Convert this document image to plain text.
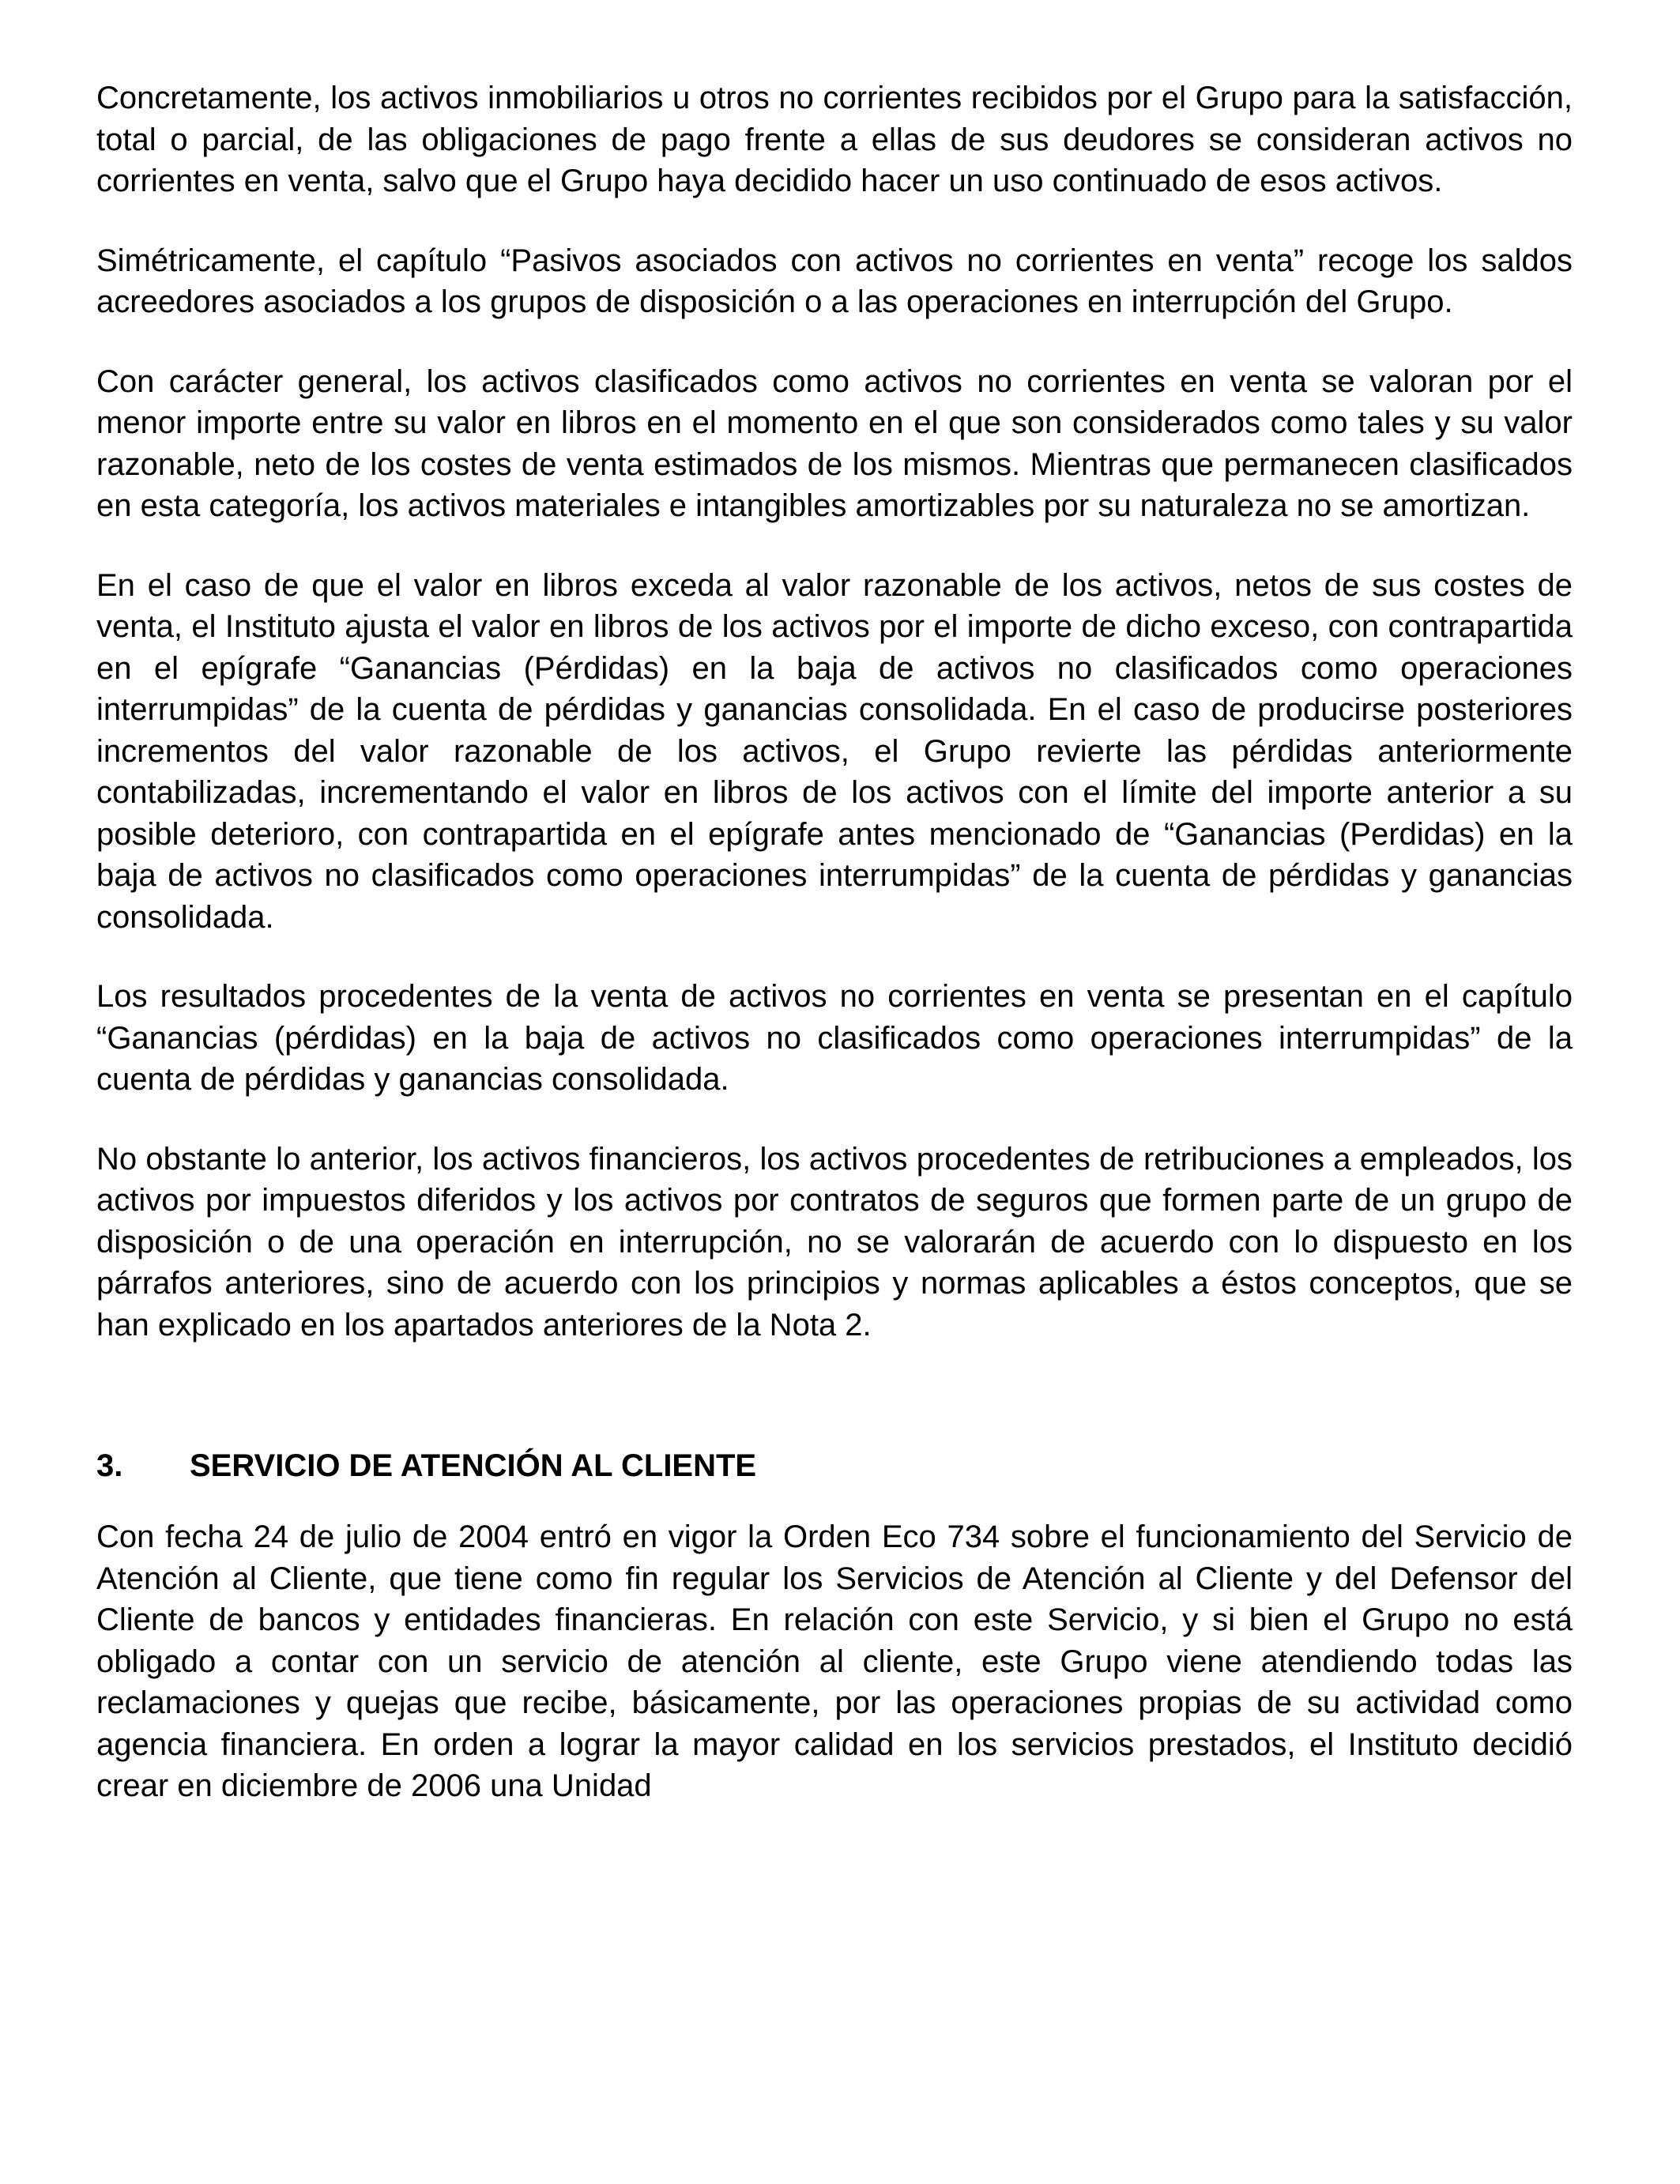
Concretamente, los activos inmobiliarios u otros no corrientes recibidos por el Grupo para la satisfacción, total o parcial, de las obligaciones de pago frente a ellas de sus deudores se consideran activos no corrientes en venta, salvo que el Grupo haya decidido hacer un uso continuado de esos activos.

Simétricamente, el capítulo “Pasivos asociados con activos no corrientes en venta” recoge los saldos acreedores asociados a los grupos de disposición o a las operaciones en interrupción del Grupo.

Con carácter general, los activos clasificados como activos no corrientes en venta se valoran por el menor importe entre su valor en libros en el momento en el que son considerados como tales y su valor razonable, neto de los costes de venta estimados de los mismos. Mientras que permanecen clasificados en esta categoría, los activos materiales e intangibles amortizables por su naturaleza no se amortizan.

En el caso de que el valor en libros exceda al valor razonable de los activos, netos de sus costes de venta, el Instituto ajusta el valor en libros de los activos por el importe de dicho exceso, con contrapartida en el epígrafe “Ganancias (Pérdidas) en la baja de activos no clasificados como operaciones interrumpidas” de la cuenta de pérdidas y ganancias consolidada. En el caso de producirse posteriores incrementos del valor razonable de los activos, el Grupo revierte las pérdidas anteriormente contabilizadas, incrementando el valor en libros de los activos con el límite del importe anterior a su posible deterioro, con contrapartida en el epígrafe antes mencionado de “Ganancias (Perdidas) en la baja de activos no clasificados como operaciones interrumpidas” de la cuenta de pérdidas y ganancias consolidada.

Los resultados procedentes de la venta de activos no corrientes en venta se presentan en el capítulo “Ganancias (pérdidas) en la baja de activos no clasificados como operaciones interrumpidas” de la cuenta de pérdidas y ganancias consolidada.

No obstante lo anterior, los activos financieros, los activos procedentes de retribuciones a empleados, los activos por impuestos diferidos y los activos por contratos de seguros que formen parte de un grupo de disposición o de una operación en interrupción, no se valorarán de acuerdo con lo dispuesto en los párrafos anteriores, sino de acuerdo con los principios y normas aplicables a éstos conceptos, que se han explicado en los apartados anteriores de la Nota 2.

3.	SERVICIO DE ATENCIÓN AL CLIENTE

Con fecha 24 de julio de 2004 entró en vigor la Orden Eco 734 sobre el funcionamiento del Servicio de Atención al Cliente, que tiene como fin regular los Servicios de Atención al Cliente y del Defensor del Cliente de bancos y entidades financieras. En relación con este Servicio, y si bien el Grupo no está obligado a contar con un servicio de atención al cliente, este Grupo viene atendiendo todas las reclamaciones y quejas que recibe, básicamente, por las operaciones propias de su actividad como agencia financiera. En orden a lograr la mayor calidad en los servicios prestados, el Instituto decidió crear en diciembre de 2006 una Unidad
